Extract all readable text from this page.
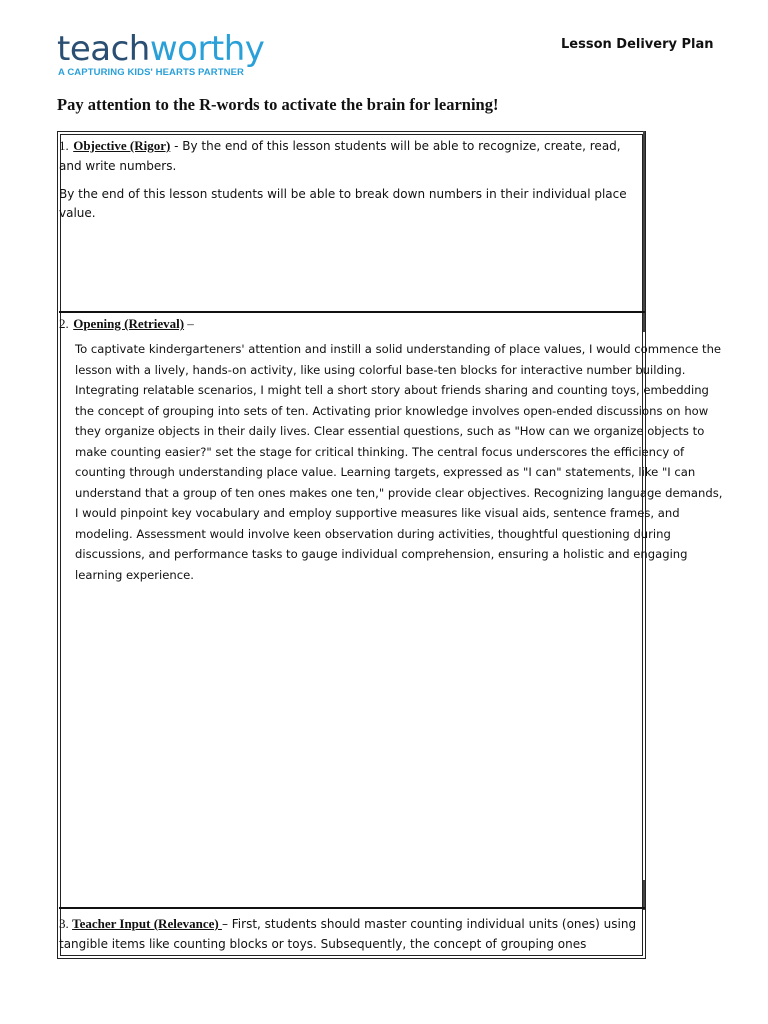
teachworthy
A CAPTURING KIDS' HEARTS PARTNER
Lesson Delivery Plan
Pay attention to the R-words to activate the brain for learning!
1. Objective (Rigor) - By the end of this lesson students will be able to recognize, create, read, and write numbers.
By the end of this lesson students will be able to break down numbers in their individual place value.
2. Opening (Retrieval) –
To captivate kindergarteners' attention and instill a solid understanding of place values, I would commence the lesson with a lively, hands-on activity, like using colorful base-ten blocks for interactive number building. Integrating relatable scenarios, I might tell a short story about friends sharing and counting toys, embedding the concept of grouping into sets of ten. Activating prior knowledge involves open-ended discussions on how they organize objects in their daily lives. Clear essential questions, such as "How can we organize objects to make counting easier?" set the stage for critical thinking. The central focus underscores the efficiency of counting through understanding place value. Learning targets, expressed as "I can" statements, like "I can understand that a group of ten ones makes one ten," provide clear objectives. Recognizing language demands, I would pinpoint key vocabulary and employ supportive measures like visual aids, sentence frames, and modeling. Assessment would involve keen observation during activities, thoughtful questioning during discussions, and performance tasks to gauge individual comprehension, ensuring a holistic and engaging learning experience.
3. Teacher Input (Relevance) – First, students should master counting individual units (ones) using tangible items like counting blocks or toys. Subsequently, the concept of grouping ones
